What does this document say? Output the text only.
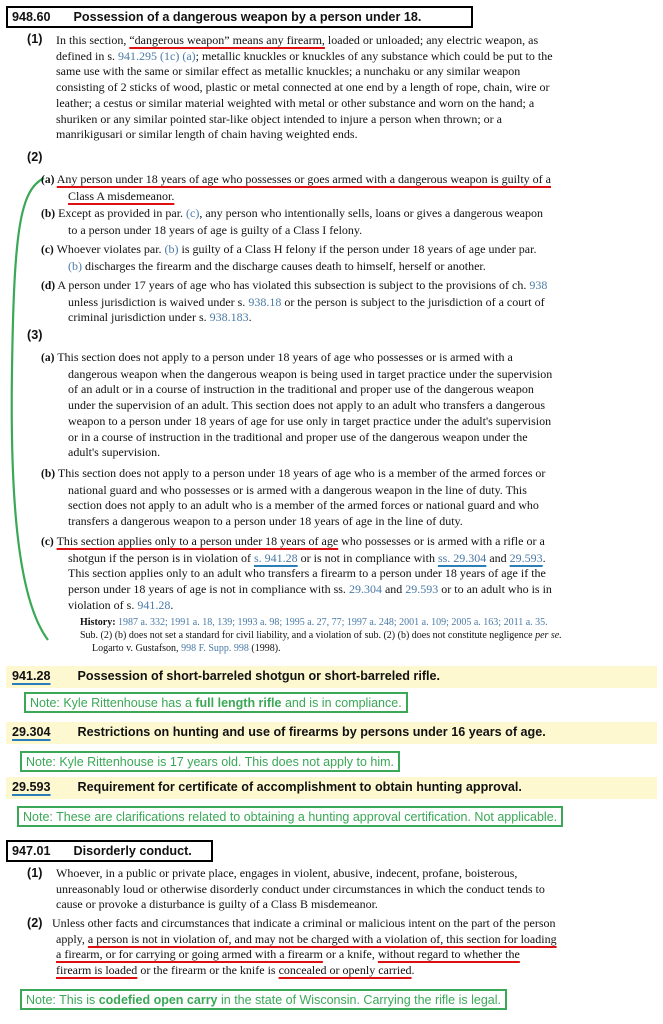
948.60 Possession of a dangerous weapon by a person under 18.
(1) In this section, “dangerous weapon” means any firearm, loaded or unloaded; any electric weapon, as
defined in s. 941.295 (1c) (a); metallic knuckles or knuckles of any substance which could be put to the
same use with the same or similar effect as metallic knuckles; a nunchaku or any similar weapon
consisting of 2 sticks of wood, plastic or metal connected at one end by a length of rope, chain, wire or
leather; a cestus or similar material weighted with metal or other substance and worn on the hand; a
shuriken or any similar pointed star-like object intended to injure a person when thrown; or a
manrikigusari or similar length of chain having weighted ends.
(2)
(a) Any person under 18 years of age who possesses or goes armed with a dangerous weapon is guilty of a
Class A misdemeanor.
(b) Except as provided in par. (c), any person who intentionally sells, loans or gives a dangerous weapon
to a person under 18 years of age is guilty of a Class I felony.
(c) Whoever violates par. (b) is guilty of a Class H felony if the person under 18 years of age under par.
(b) discharges the firearm and the discharge causes death to himself, herself or another.
(d) A person under 17 years of age who has violated this subsection is subject to the provisions of ch. 938
unless jurisdiction is waived under s. 938.18 or the person is subject to the jurisdiction of a court of
criminal jurisdiction under s. 938.183.
(3)
(a) This section does not apply to a person under 18 years of age who possesses or is armed with a
dangerous weapon when the dangerous weapon is being used in target practice under the supervision
of an adult or in a course of instruction in the traditional and proper use of the dangerous weapon
under the supervision of an adult. This section does not apply to an adult who transfers a dangerous
weapon to a person under 18 years of age for use only in target practice under the adult's supervision
or in a course of instruction in the traditional and proper use of the dangerous weapon under the
adult's supervision.
(b) This section does not apply to a person under 18 years of age who is a member of the armed forces or
national guard and who possesses or is armed with a dangerous weapon in the line of duty. This
section does not apply to an adult who is a member of the armed forces or national guard and who
transfers a dangerous weapon to a person under 18 years of age in the line of duty.
(c) This section applies only to a person under 18 years of age who possesses or is armed with a rifle or a
shotgun if the person is in violation of s. 941.28 or is not in compliance with ss. 29.304 and 29.593.
This section applies only to an adult who transfers a firearm to a person under 18 years of age if the
person under 18 years of age is not in compliance with ss. 29.304 and 29.593 or to an adult who is in
violation of s. 941.28.
History: 1987 a. 332; 1991 a. 18, 139; 1993 a. 98; 1995 a. 27, 77; 1997 a. 248; 2001 a. 109; 2005 a. 163; 2011 a. 35.
Sub. (2) (b) does not set a standard for civil liability, and a violation of sub. (2) (b) does not constitute negligence per se.
Logarto v. Gustafson, 998 F. Supp. 998 (1998).
941.28 Possession of short-barreled shotgun or short-barreled rifle.
Note: Kyle Rittenhouse has a full length rifle and is in compliance.
29.304 Restrictions on hunting and use of firearms by persons under 16 years of age.
Note: Kyle Rittenhouse is 17 years old. This does not apply to him.
29.593 Requirement for certificate of accomplishment to obtain hunting approval.
Note: These are clarifications related to obtaining a hunting approval certification. Not applicable.
947.01 Disorderly conduct.
(1) Whoever, in a public or private place, engages in violent, abusive, indecent, profane, boisterous,
unreasonably loud or otherwise disorderly conduct under circumstances in which the conduct tends to
cause or provoke a disturbance is guilty of a Class B misdemeanor.
(2) Unless other facts and circumstances that indicate a criminal or malicious intent on the part of the person
apply, a person is not in violation of, and may not be charged with a violation of, this section for loading
a firearm, or for carrying or going armed with a firearm or a knife, without regard to whether the
firearm is loaded or the firearm or the knife is concealed or openly carried.
Note: This is codefied open carry in the state of Wisconsin. Carrying the rifle is legal.
